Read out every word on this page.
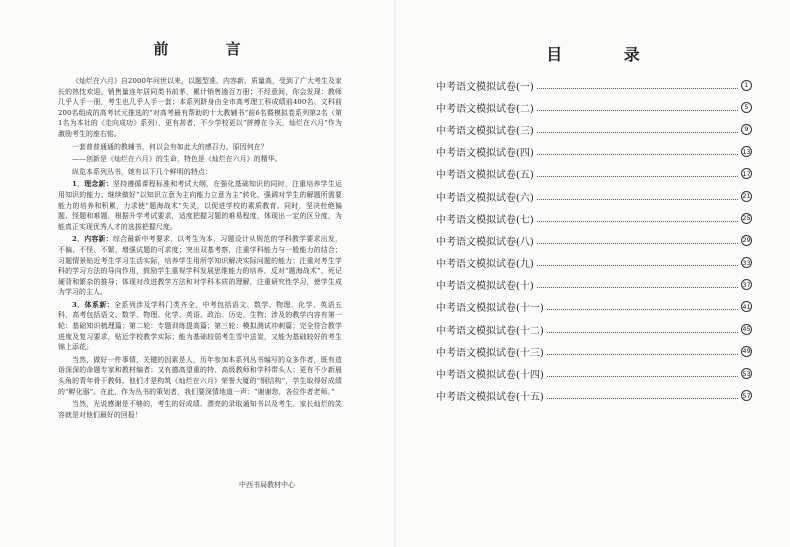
前 言

《灿烂在六月》自2000年问世以来，以题型准、内容新、质量高，受到了广大考生及家长的热忱欢迎。销售量连年居同类书前茅，累计销售逾百万册；不经意间，你会发现：教师几乎人手一册，考生也几乎人手一套；本系列跻身由全市高考理工科成绩前400名、文科前200名组成的高考状元推选的“对高考最有帮助的十大教辅书”前6名暨模拟卷系列第2名（第1名为本社的《走向成功》系列），更有甚者，不少学校更以“拼搏在今天，灿烂在六月”作为激励考生的座右铭。

一套普普通通的教辅书，何以会有如此大的感召力，原因何在？

——创新是《灿烂在六月》的生命，特色是《灿烂在六月》的精华。

纵览本系列丛书，她有以下几个鲜明的特点：

1．理念新：坚持遵循课程标准和考试大纲，在强化基础知识的同时，注重培养学生运用知识的能力；继续做好“以知识立意为主向能力立意为主”转化，强调对学生的解题所需要能力的培养和积累，力求使“题海战术”失灵，以促进学校的素质教育。同时，坚决杜绝偏题、怪题和难题，根据升学考试要求，适度把握习题的难易程度，体现出一定的区分度，为能真正实现优秀人才的选拔把握尺度。

2．内容新：综合最新中考要求，以考生为本，习题设计从规范的学科教学要求出发，不偏、不怪、不繁，增强试题的可求度；突出双基考察，注重学科能力与一般能力的结合；习题情景贴近考生学习生活实际，培养学生用所学知识解决实际问题的能力；注重对考生学科的学习方法的导向作用，鼓励学生重视学科发展思维能力的培养，反对“题海战术”、死记硬背和繁杂的推导；体现对改进教学方法和对学科本质的理解，注重研究性学习，使学生成为学习的主人。

3．体系新：全系列涉及学科门类齐全，中考包括语文、数学、物理、化学、英语五科，高考包括语文、数学、物理、化学、英语、政治、历史、生物；涉及的教学内容有第一轮：基础知识梳理篇；第二轮：专题训练提高篇；第三轮：模拟测试冲刺篇；完全符合教学进度及复习要求，贴近学校教学实际；能为基础较弱考生雪中送炭，又能为基础较好的考生锦上添花。

当然，做好一件事情，关键的因素是人，历年参加本系列丛书编写的众多作者，既有造诣深深的命题专家和教材编者；又有德高望重的特、高级教师和学科带头人；更有不少新晨头角的青年骨干教师。他们才是构筑《灿烂在六月》荣誉大厦的“钢结构”，学生取得好成绩的“孵化器”。在此，作为丛书的策划者，我们要深情地道一声：“谢谢您，各位作者老师。”

当然，光说感谢是不够的，考生的好成绩、漂亮的录取通知书以及考生、家长灿烂的笑容就是对他们最好的回报！

中西书局教材中心
目 录
中考语文模拟试卷(一)	1
中考语文模拟试卷(二)	5
中考语文模拟试卷(三)	9
中考语文模拟试卷(四)	13
中考语文模拟试卷(五)	17
中考语文模拟试卷(六)	21
中考语文模拟试卷(七)	25
中考语文模拟试卷(八)	29
中考语文模拟试卷(九)	33
中考语文模拟试卷(十)	37
中考语文模拟试卷(十一)	41
中考语文模拟试卷(十二)	45
中考语文模拟试卷(十三)	49
中考语文模拟试卷(十四)	53
中考语文模拟试卷(十五)	57
